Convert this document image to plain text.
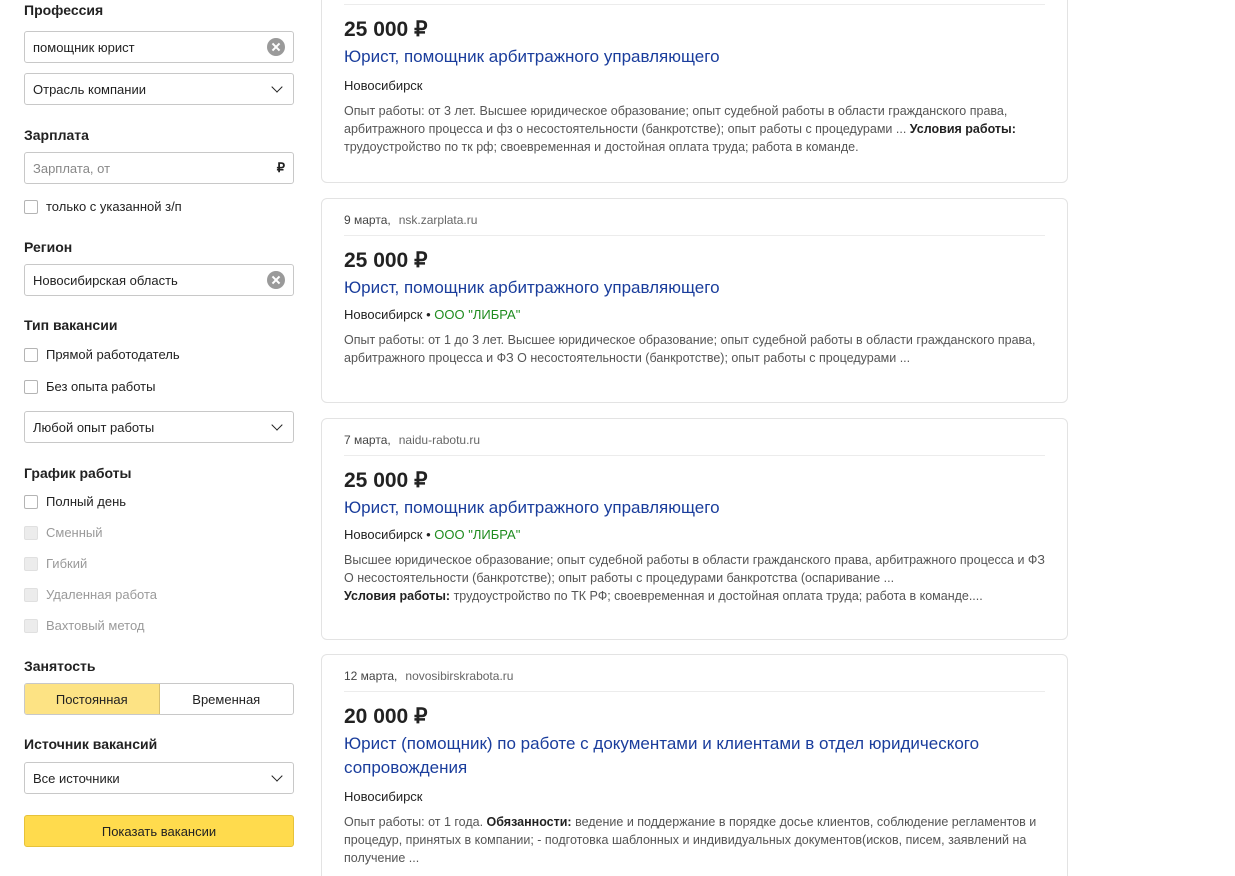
Профессия
помощник юрист
Отрасль компании
Зарплата
Зарплата, от	₽
только с указанной з/п
Регион
Новосибирская область
Тип вакансии
Прямой работодатель
Без опыта работы
Любой опыт работы
График работы
Полный день
Сменный
Гибкий
Удаленная работа
Вахтовый метод
Занятость
Постоянная	Временная
Источник вакансий
Все источники
Показать вакансии
25 000 ₽
Юрист, помощник арбитражного управляющего
Новосибирск
Опыт работы: от 3 лет. Высшее юридическое образование; опыт судебной работы в области гражданского права, арбитражного процесса и фз о несостоятельности (банкротстве); опыт работы с процедурами ... Условия работы: трудоустройство по тк рф; своевременная и достойная оплата труда; работа в команде.
9 марта, nsk.zarplata.ru
25 000 ₽
Юрист, помощник арбитражного управляющего
Новосибирск • ООО "ЛИБРА"
Опыт работы: от 1 до 3 лет. Высшее юридическое образование; опыт судебной работы в области гражданского права, арбитражного процесса и ФЗ О несостоятельности (банкротстве); опыт работы с процедурами ...
7 марта, naidu-rabotu.ru
25 000 ₽
Юрист, помощник арбитражного управляющего
Новосибирск • ООО "ЛИБРА"
Высшее юридическое образование; опыт судебной работы в области гражданского права, арбитражного процесса и ФЗ О несостоятельности (банкротстве); опыт работы с процедурами банкротства (оспаривание ...
Условия работы: трудоустройство по ТК РФ; своевременная и достойная оплата труда; работа в команде....
12 марта, novosibirskrabota.ru
20 000 ₽
Юрист (помощник) по работе с документами и клиентами в отдел юридического сопровождения
Новосибирск
Опыт работы: от 1 года. Обязанности: ведение и поддержание в порядке досье клиентов, соблюдение регламентов и процедур, принятых в компании; - подготовка шаблонных и индивидуальных документов(исков, писем, заявлений на получение ...
